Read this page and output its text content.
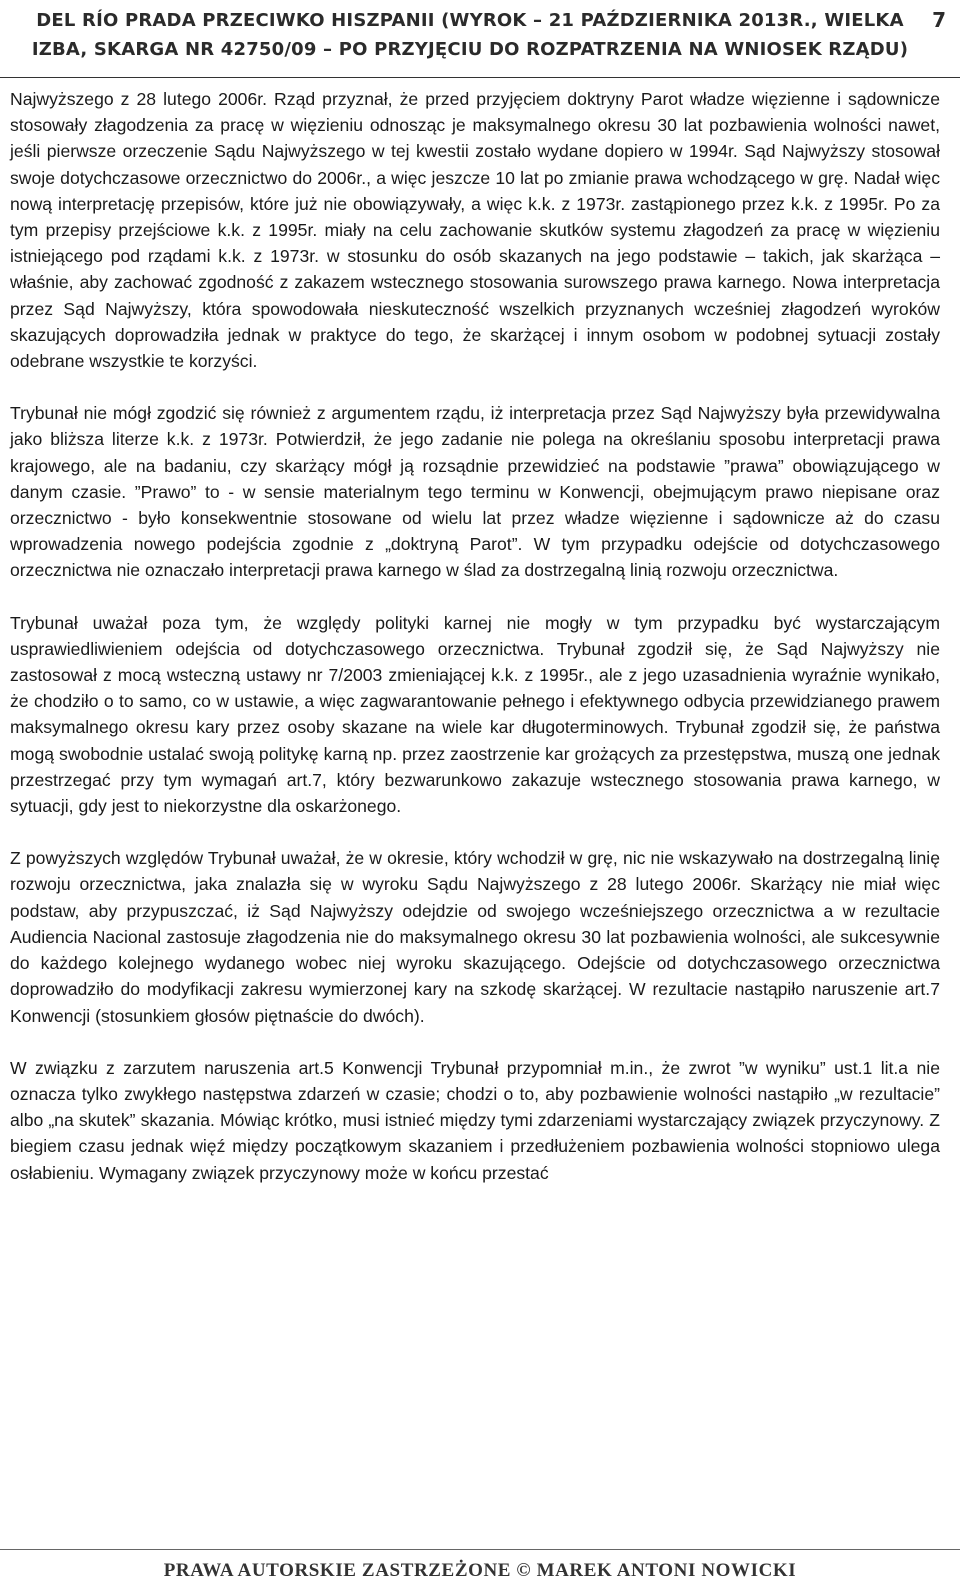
DEL RÍO PRADA PRZECIWKO HISZPANII (WYROK – 21 PAŹDZIERNIKA 2013R., WIELKA
IZBA, SKARGA NR 42750/09 – PO PRZYJĘCIU DO ROZPATRZENIA NA WNIOSEK RZĄDU)
7

Najwyższego z 28 lutego 2006r. Rząd przyznał, że przed przyjęciem doktryny Parot władze więzienne i sądownicze stosowały złagodzenia za pracę w więzieniu odnosząc je maksymalnego okresu 30 lat pozbawienia wolności nawet, jeśli pierwsze orzeczenie Sądu Najwyższego w tej kwestii zostało wydane dopiero w 1994r. Sąd Najwyższy stosował swoje dotychczasowe orzecznictwo do 2006r., a więc jeszcze 10 lat po zmianie prawa wchodzącego w grę. Nadał więc nową interpretację przepisów, które już nie obowiązywały, a więc k.k. z 1973r. zastąpionego przez k.k. z 1995r. Po za tym przepisy przejściowe k.k. z 1995r. miały na celu zachowanie skutków systemu złagodzeń za pracę w więzieniu istniejącego pod rządami k.k. z 1973r. w stosunku do osób skazanych na jego podstawie – takich, jak skarżąca – właśnie, aby zachować zgodność z zakazem wstecznego stosowania surowszego prawa karnego. Nowa interpretacja przez Sąd Najwyższy, która spowodowała nieskuteczność wszelkich przyznanych wcześniej złagodzeń wyroków skazujących doprowadziła jednak w praktyce do tego, że skarżącej i innym osobom w podobnej sytuacji zostały odebrane wszystkie te korzyści.

Trybunał nie mógł zgodzić się również z argumentem rządu, iż interpretacja przez Sąd Najwyższy była przewidywalna jako bliższa literze k.k. z 1973r. Potwierdził, że jego zadanie nie polega na określaniu sposobu interpretacji prawa krajowego, ale na badaniu, czy skarżący mógł ją rozsądnie przewidzieć na podstawie ”prawa” obowiązującego w danym czasie. ”Prawo” to - w sensie materialnym tego terminu w Konwencji, obejmującym prawo niepisane oraz orzecznictwo - było konsekwentnie stosowane od wielu lat przez władze więzienne i sądownicze aż do czasu wprowadzenia nowego podejścia zgodnie z „doktryną Parot”. W tym przypadku odejście od dotychczasowego orzecznictwa nie oznaczało interpretacji prawa karnego w ślad za dostrzegalną linią rozwoju orzecznictwa.

Trybunał uważał poza tym, że względy polityki karnej nie mogły w tym przypadku być wystarczającym usprawiedliwieniem odejścia od dotychczasowego orzecznictwa. Trybunał zgodził się, że Sąd Najwyższy nie zastosował z mocą wsteczną ustawy nr 7/2003 zmieniającej k.k. z 1995r., ale z jego uzasadnienia wyraźnie wynikało, że chodziło o to samo, co w ustawie, a więc zagwarantowanie pełnego i efektywnego odbycia przewidzianego prawem maksymalnego okresu kary przez osoby skazane na wiele kar długoterminowych. Trybunał zgodził się, że państwa mogą swobodnie ustalać swoją politykę karną np. przez zaostrzenie kar grożących za przestępstwa, muszą one jednak przestrzegać przy tym wymagań art.7, który bezwarunkowo zakazuje wstecznego stosowania prawa karnego, w sytuacji, gdy jest to niekorzystne dla oskarżonego.

Z powyższych względów Trybunał uważał, że w okresie, który wchodził w grę, nic nie wskazywało na dostrzegalną linię rozwoju orzecznictwa, jaka znalazła się w wyroku Sądu Najwyższego z 28 lutego 2006r. Skarżący nie miał więc podstaw, aby przypuszczać, iż Sąd Najwyższy odejdzie od swojego wcześniejszego orzecznictwa a w rezultacie Audiencia Nacional zastosuje złagodzenia nie do maksymalnego okresu 30 lat pozbawienia wolności, ale sukcesywnie do każdego kolejnego wydanego wobec niej wyroku skazującego. Odejście od dotychczasowego orzecznictwa doprowadziło do modyfikacji zakresu wymierzonej kary na szkodę skarżącej. W rezultacie nastąpiło naruszenie art.7 Konwencji (stosunkiem głosów piętnaście do dwóch).

W związku z zarzutem naruszenia art.5 Konwencji Trybunał przypomniał m.in., że zwrot ”w wyniku” ust.1 lit.a nie oznacza tylko zwykłego następstwa zdarzeń w czasie; chodzi o to, aby pozbawienie wolności nastąpiło „w rezultacie” albo „na skutek” skazania. Mówiąc krótko, musi istnieć między tymi zdarzeniami wystarczający związek przyczynowy. Z biegiem czasu jednak więź między początkowym skazaniem i przedłużeniem pozbawienia wolności stopniowo ulega osłabieniu. Wymagany związek przyczynowy może w końcu przestać

PRAWA AUTORSKIE ZASTRZEŻONE © MAREK ANTONI NOWICKI
